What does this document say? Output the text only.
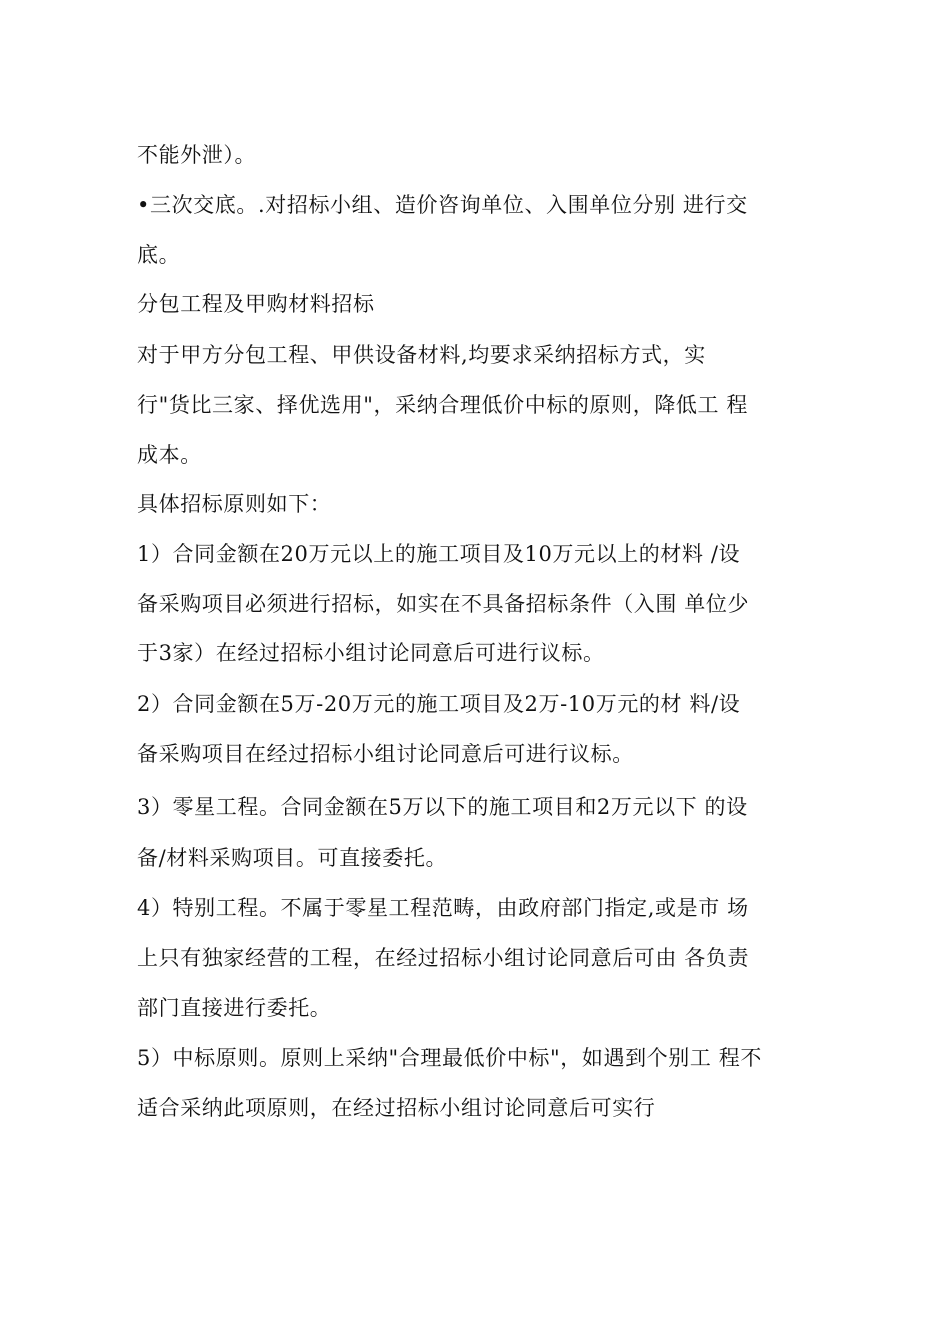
不能外泄）。
•三次交底。.对招标小组、造价咨询单位、入围单位分别 进行交
底。
分包工程及甲购材料招标
对于甲方分包工程、甲供设备材料,均要求采纳招标方式，实
行"货比三家、择优选用"，采纳合理低价中标的原则，降低工 程
成本。
具体招标原则如下：
1）合同金额在20万元以上的施工项目及10万元以上的材料 /设
备采购项目必须进行招标，如实在不具备招标条件（入围 单位少
于3家）在经过招标小组讨论同意后可进行议标。
2）合同金额在5万-20万元的施工项目及2万-10万元的材 料/设
备采购项目在经过招标小组讨论同意后可进行议标。
3）零星工程。合同金额在5万以下的施工项目和2万元以下 的设
备/材料采购项目。可直接委托。
4）特别工程。不属于零星工程范畴，由政府部门指定,或是市 场
上只有独家经营的工程，在经过招标小组讨论同意后可由 各负责
部门直接进行委托。
5）中标原则。原则上采纳"合理最低价中标"，如遇到个别工 程不
适合采纳此项原则，在经过招标小组讨论同意后可实行
